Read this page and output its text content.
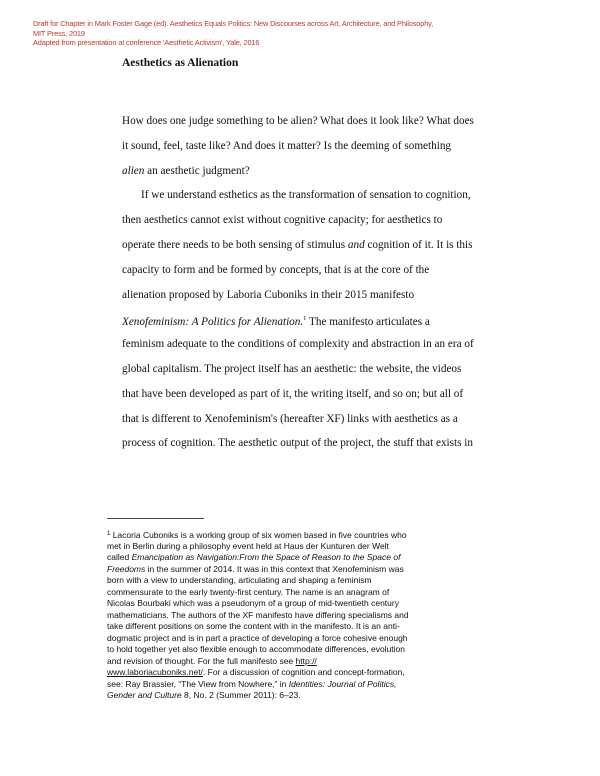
Draft for Chapter in Mark Foster Gage (ed). Aesthetics Equals Politics: New Discourses across Art, Architecture, and Philosophy,
MIT Press, 2019
Adapted from presentation at conference 'Aesthetic Activism', Yale, 2016
Aesthetics as Alienation
How does one judge something to be alien? What does it look like? What does
it sound, feel, taste like? And does it matter? Is the deeming of something
alien an aesthetic judgment?
If we understand esthetics as the transformation of sensation to cognition,
then aesthetics cannot exist without cognitive capacity; for aesthetics to
operate there needs to be both sensing of stimulus and cognition of it. It is this
capacity to form and be formed by concepts, that is at the core of the
alienation proposed by Laboria Cuboniks in their 2015 manifesto
Xenofeminism: A Politics for Alienation.$^1$ The manifesto articulates a
feminism adequate to the conditions of complexity and abstraction in an era of
global capitalism. The project itself has an aesthetic: the website, the videos
that have been developed as part of it, the writing itself, and so on; but all of
that is different to Xenofeminism's (hereafter XF) links with aesthetics as a
process of cognition. The aesthetic output of the project, the stuff that exists in
$^1$ Lacoria Cuboniks is a working group of six women based in five countries who
met in Berlin during a philosophy event held at Haus der Kunturen der Welt
called Emancipation as Navigation:From the Space of Reason to the Space of
Freedoms in the summer of 2014. It was in this context that Xenofeminism was
born with a view to understanding, articulating and shaping a feminism
commensurate to the early twenty-first century. The name is an anagram of
Nicolas Bourbaki which was a pseudonym of a group of mid-twentieth century
mathematicians. The authors of the XF manifesto have differing specialisms and
take different positions on some the content with in the manifesto. It is an anti-
dogmatic project and is in part a practice of developing a force cohesive enough
to hold together yet also flexible enough to accommodate differences, evolution
and revision of thought. For the full manifesto see http://
www.laboriacuboniks.net/. For a discussion of cognition and concept-formation,
see: Ray Brassier, “The View from Nowhere,” in Identities: Journal of Politics,
Gender and Culture 8, No. 2 (Summer 2011): 6–23.
